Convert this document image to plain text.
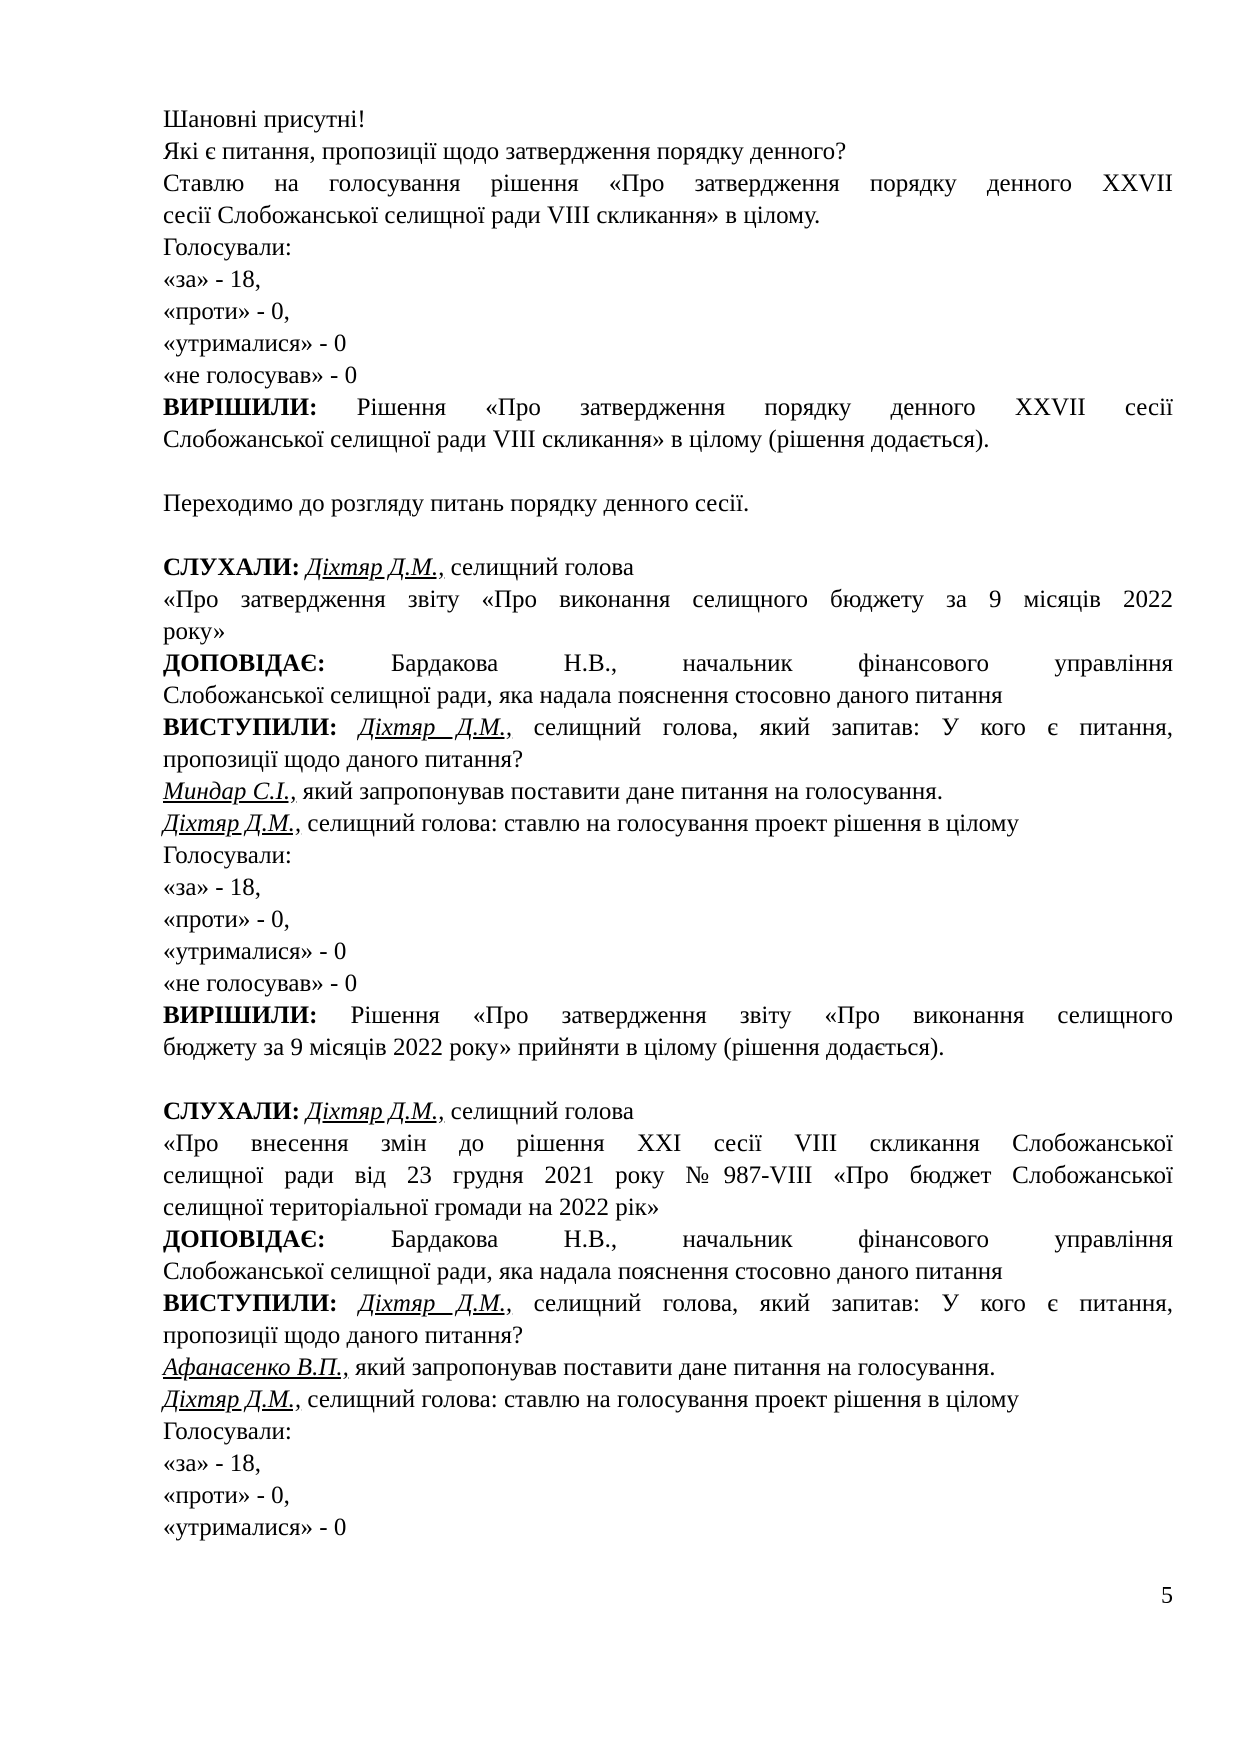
Шановні присутні!

Які є питання, пропозиції щодо затвердження порядку денного?

Ставлю на голосування рішення «Про затвердження порядку денного XXVII

сесії Слобожанської селищної ради VIII скликання» в цілому.

Голосували:

«за» - 18,

«проти» - 0,

«утрималися» - 0

«не голосував» - 0

ВИРІШИЛИ: Рішення «Про затвердження порядку денного XXVII сесії

Слобожанської селищної ради VIII скликання» в цілому (рішення додається).

Переходимо до розгляду питань порядку денного сесії.

СЛУХАЛИ: Діхтяр Д.М., селищний голова

«Про затвердження звіту «Про виконання селищного бюджету за 9 місяців 2022

року»

ДОПОВІДАЄ: Бардакова Н.В., начальник фінансового управління

Слобожанської селищної ради, яка надала пояснення стосовно даного питання

ВИСТУПИЛИ: Діхтяр Д.М., селищний голова, який запитав: У кого є питання,

пропозиції щодо даного питання?

Миндар С.І., який запропонував поставити дане питання на голосування.

Діхтяр Д.М., селищний голова: ставлю на голосування проект рішення в цілому

Голосували:

«за» - 18,

«проти» - 0,

«утрималися» - 0

«не голосував» - 0

ВИРІШИЛИ: Рішення «Про затвердження звіту «Про виконання селищного

бюджету за 9 місяців 2022 року» прийняти в цілому (рішення додається).

СЛУХАЛИ: Діхтяр Д.М., селищний голова

«Про внесення змін до рішення XXI сесії VIII скликання Слобожанської

селищної ради від 23 грудня 2021 року №987-VIII «Про бюджет Слобожанської

селищної територіальної громади на 2022 рік»

ДОПОВІДАЄ: Бардакова Н.В., начальник фінансового управління

Слобожанської селищної ради, яка надала пояснення стосовно даного питання

ВИСТУПИЛИ: Діхтяр Д.М., селищний голова, який запитав: У кого є питання,

пропозиції щодо даного питання?

Афанасенко В.П., який запропонував поставити дане питання на голосування.

Діхтяр Д.М., селищний голова: ставлю на голосування проект рішення в цілому

Голосували:

«за» - 18,

«проти» - 0,

«утрималися» - 0

5
